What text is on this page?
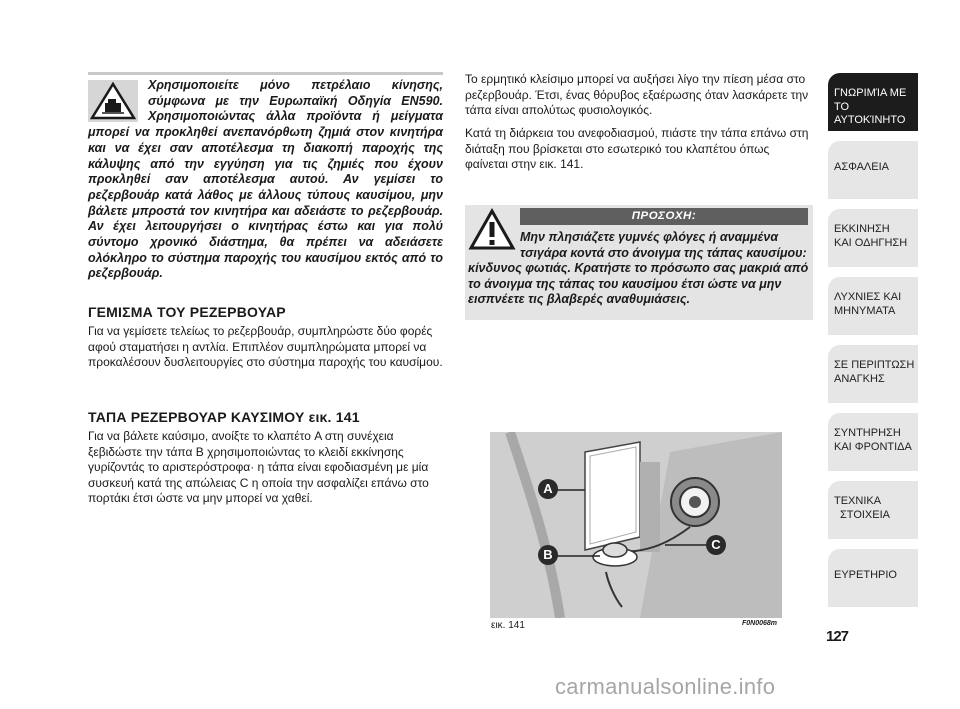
Χρησιμοποιείτε μόνο πετρέλαιο κίνησης, σύμφωνα με την Ευρωπαϊκή Οδηγία EN590. Χρησιμοποιώντας άλλα προϊόντα ή μείγματα μπορεί να προκληθεί ανεπανόρθωτη ζημιά στον κινητήρα και να έχει σαν αποτέλεσμα τη διακοπή παροχής της κάλυψης από την εγγύηση για τις ζημιές που έχουν προκληθεί σαν αποτέλεσμα αυτού. Αν γεμίσει το ρεζερβουάρ κατά λάθος με άλλους τύπους καυσίμου, μην βάλετε μπροστά τον κινητήρα και αδειάστε το ρεζερβουάρ. Αν έχει λειτουργήσει ο κινητήρας έστω και για πολύ σύντομο χρονικό διάστημα, θα πρέπει να αδειάσετε ολόκληρο το σύστημα παροχής του καυσίμου εκτός από το ρεζερβουάρ.
ΓΕΜΙΣΜΑ ΤΟΥ ΡΕΖΕΡΒΟΥΑΡ
Για να γεμίσετε τελείως το ρεζερβουάρ, συμπληρώστε δύο φορές αφού σταματήσει η αντλία. Επιπλέον συμπληρώματα μπορεί να προκαλέσουν δυσλειτουργίες στο σύστημα παροχής του καυσίμου.
ΤΑΠΑ ΡΕΖΕΡΒΟΥΑΡ ΚΑΥΣΙΜΟΥ εικ. 141
Για να βάλετε καύσιμο, ανοίξτε το κλαπέτο A στη συνέχεια ξεβιδώστε την τάπα B χρησιμοποιώντας το κλειδί εκκίνησης γυρίζοντάς το αριστερόστροφα· η τάπα είναι εφοδιασμένη με μία συσκευή κατά της απώλειας C η οποία την ασφαλίζει επάνω στο πορτάκι έτσι ώστε να μην μπορεί να χαθεί.
Το ερμητικό κλείσιμο μπορεί να αυξήσει λίγο την πίεση μέσα στο ρεζερβουάρ. Έτσι, ένας θόρυβος εξαέρωσης όταν λασκάρετε την τάπα είναι απολύτως φυσιολογικός.
Κατά τη διάρκεια του ανεφοδιασμού, πιάστε την τάπα επάνω στη διάταξη που βρίσκεται στο εσωτερικό του κλαπέτου όπως φαίνεται στην εικ. 141.
ΠΡΟΣΟΧΗ:
Μην πλησιάζετε γυμνές φλόγες ή αναμμένα τσιγάρα κοντά στο άνοιγμα της τάπας καυσίμου: κίνδυνος φωτιάς. Κρατήστε το πρόσωπο σας μακριά από το άνοιγμα της τάπας του καυσίμου έτσι ώστε να μην εισπνέετε τις βλαβερές αναθυμιάσεις.
A
B
C
εικ. 141	F0N0068m
ΓΝΩΡΙΜΊΑ ΜΕ
ΤΟ ΑΥΤΟΚΊΝΗΤΟ
ΑΣΦΑΛΕΙΑ
ΕΚΚΙΝΗΣΗ
ΚΑΙ ΟΔΗΓΗΣΗ
ΛΥΧΝΙΕΣ ΚΑΙ
ΜΗΝΥΜΑΤΑ
ΣΕ ΠΕΡΙΠΤΩΣΗ
ΑΝΑΓΚΗΣ
ΣΥΝΤΗΡΗΣΗ
ΚΑΙ ΦΡΟΝΤΙΔΑ
ΤΕΧΝΙΚΑ
ΣΤΟΙΧΕΙΑ
ΕΥΡΕΤΗΡΙΟ
127
carmanualsonline.info
